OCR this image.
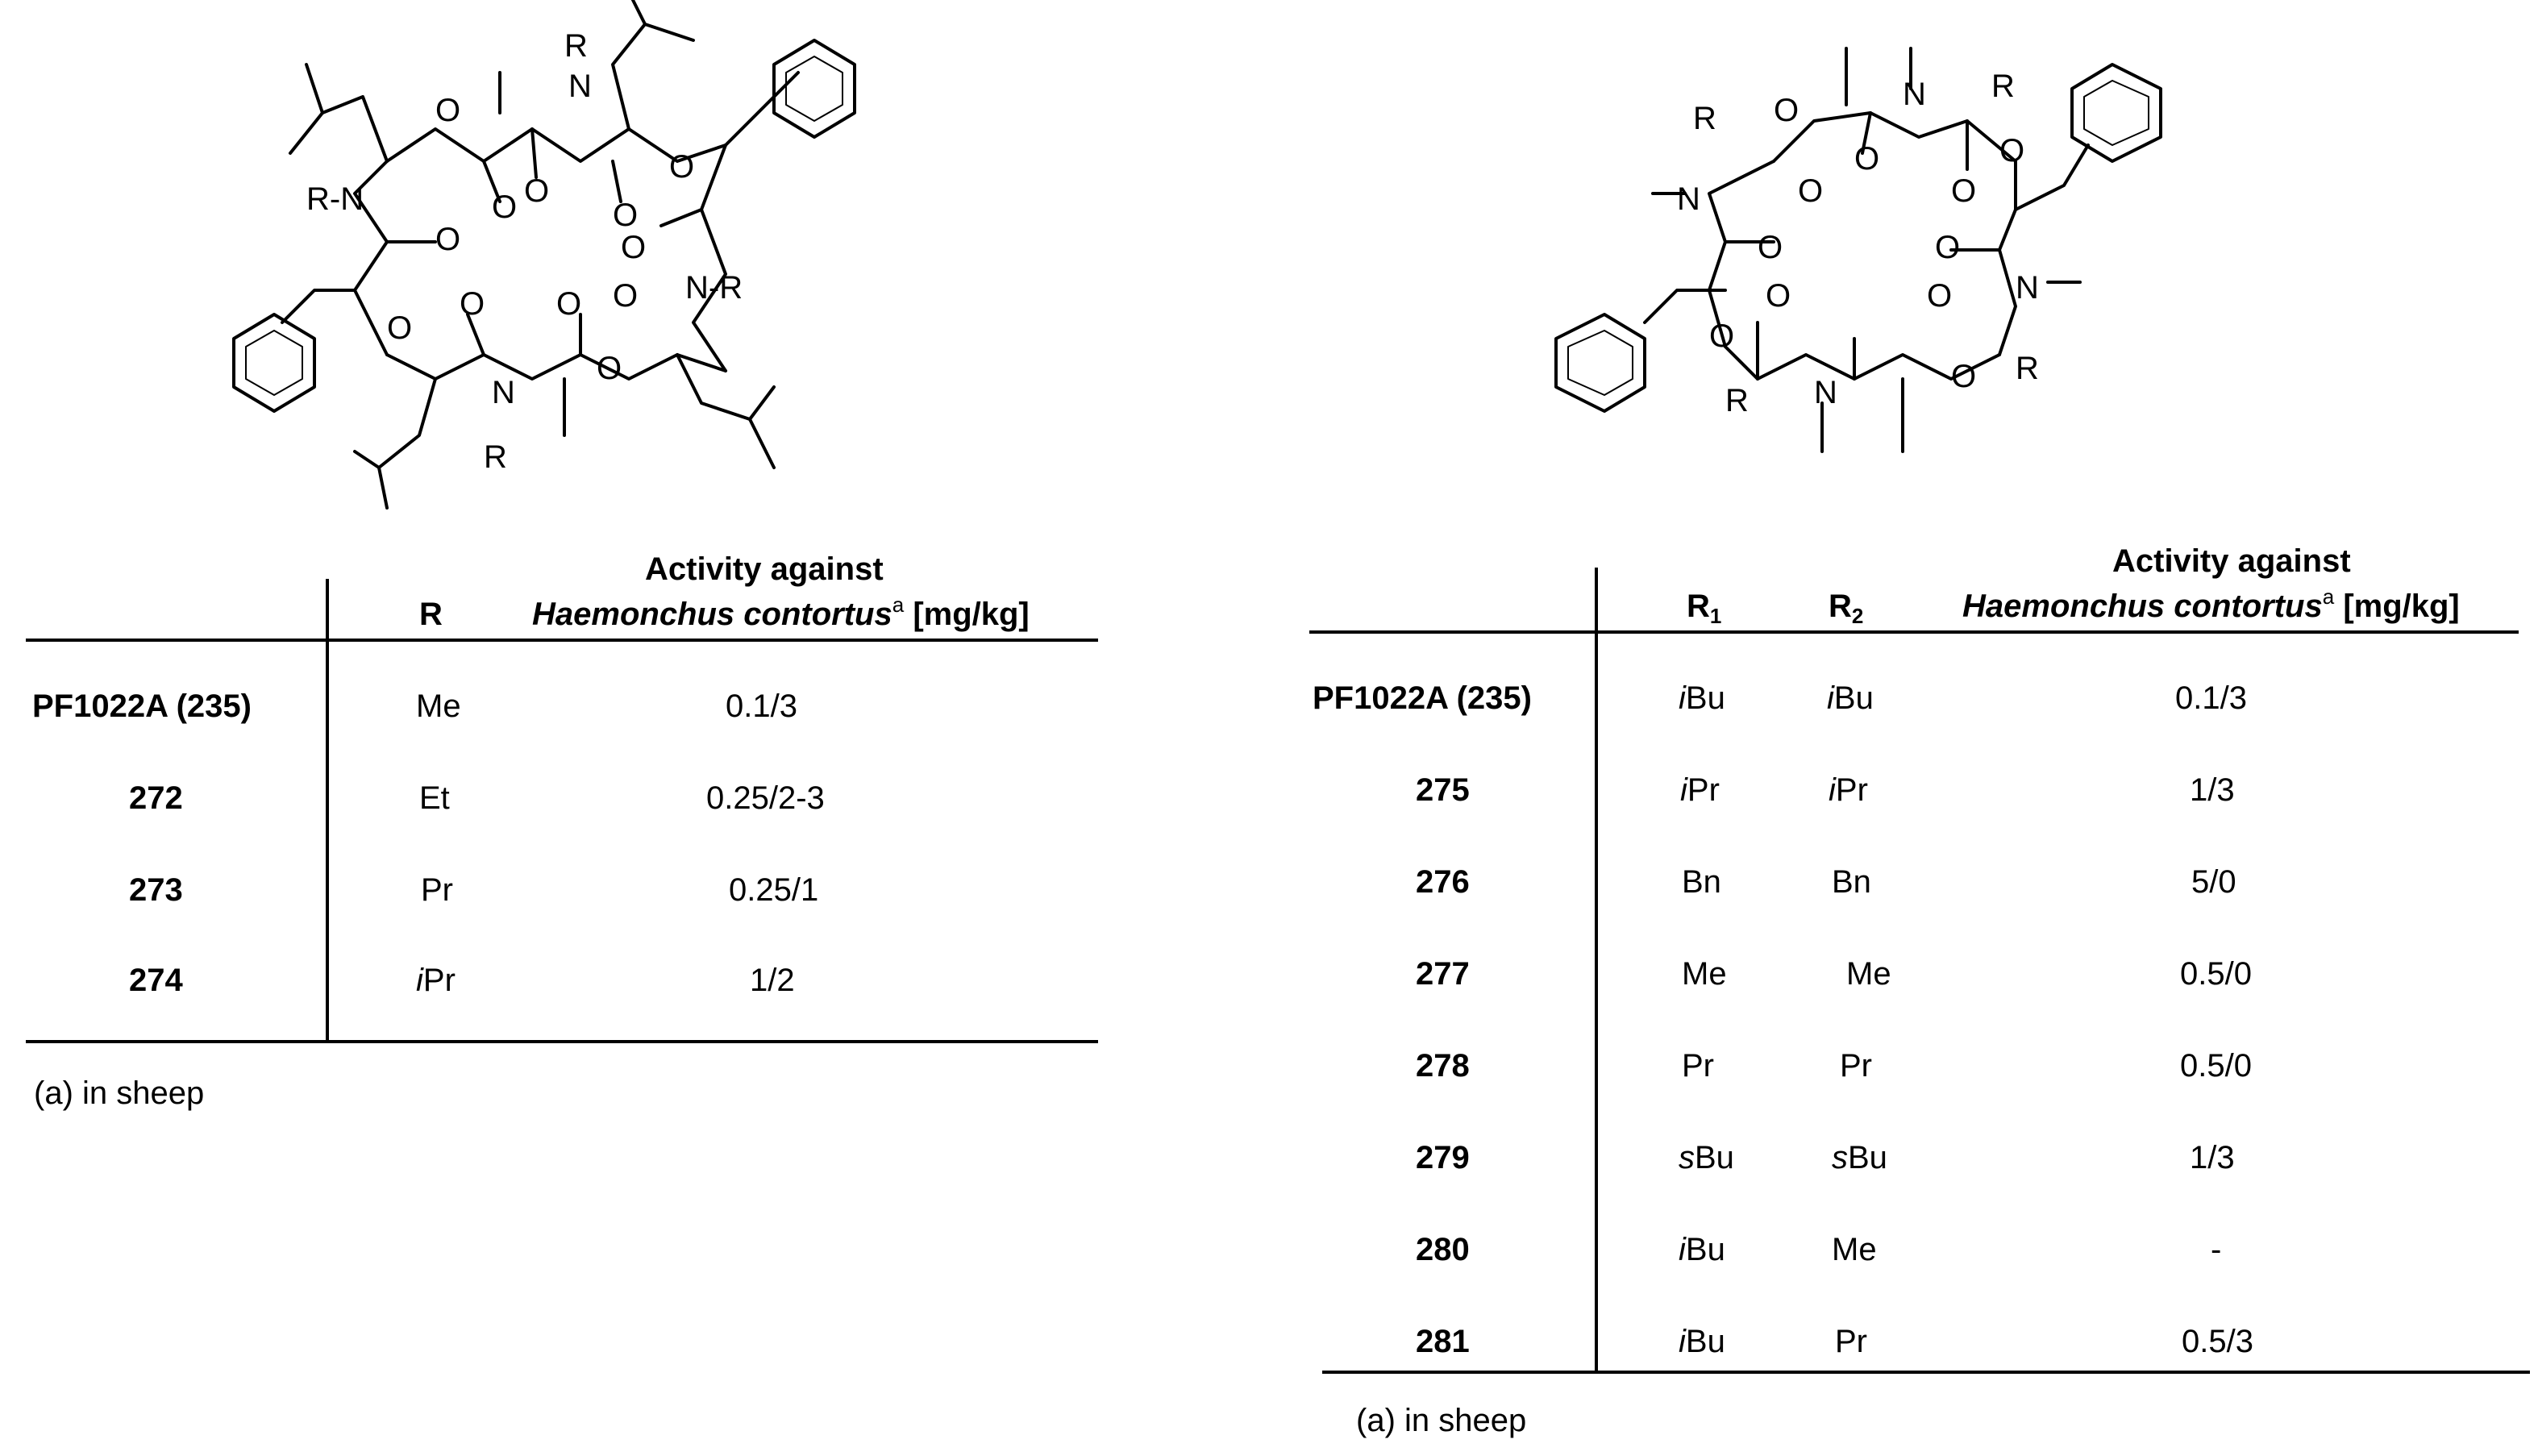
O
N
R
O O
O
O
O
N-R
R-N
O
O
O O O
O
N
R
O	N R
R
O
O
O
O
N
O	O
N
O	O
O
O R
R N
Activity against
R	Haemonchus contortus$^a$ [mg/kg]
PF1022A (235)	Me	0.1/3
272	Et	0.25/2-3
273	Pr	0.25/1
274	iPr	1/2
(a) in sheep
Activity against
$R_1$	$R_2$	Haemonchus contortus$^a$ [mg/kg]
PF1022A (235)	iBu	iBu	0.1/3
275	iPr	iPr	1/3
276	Bn	Bn	5/0
277	Me	Me	0.5/0
278	Pr	Pr	0.5/0
279	sBu	sBu	1/3
280	iBu	Me	-
281	iBu	Pr	0.5/3
(a) in sheep
